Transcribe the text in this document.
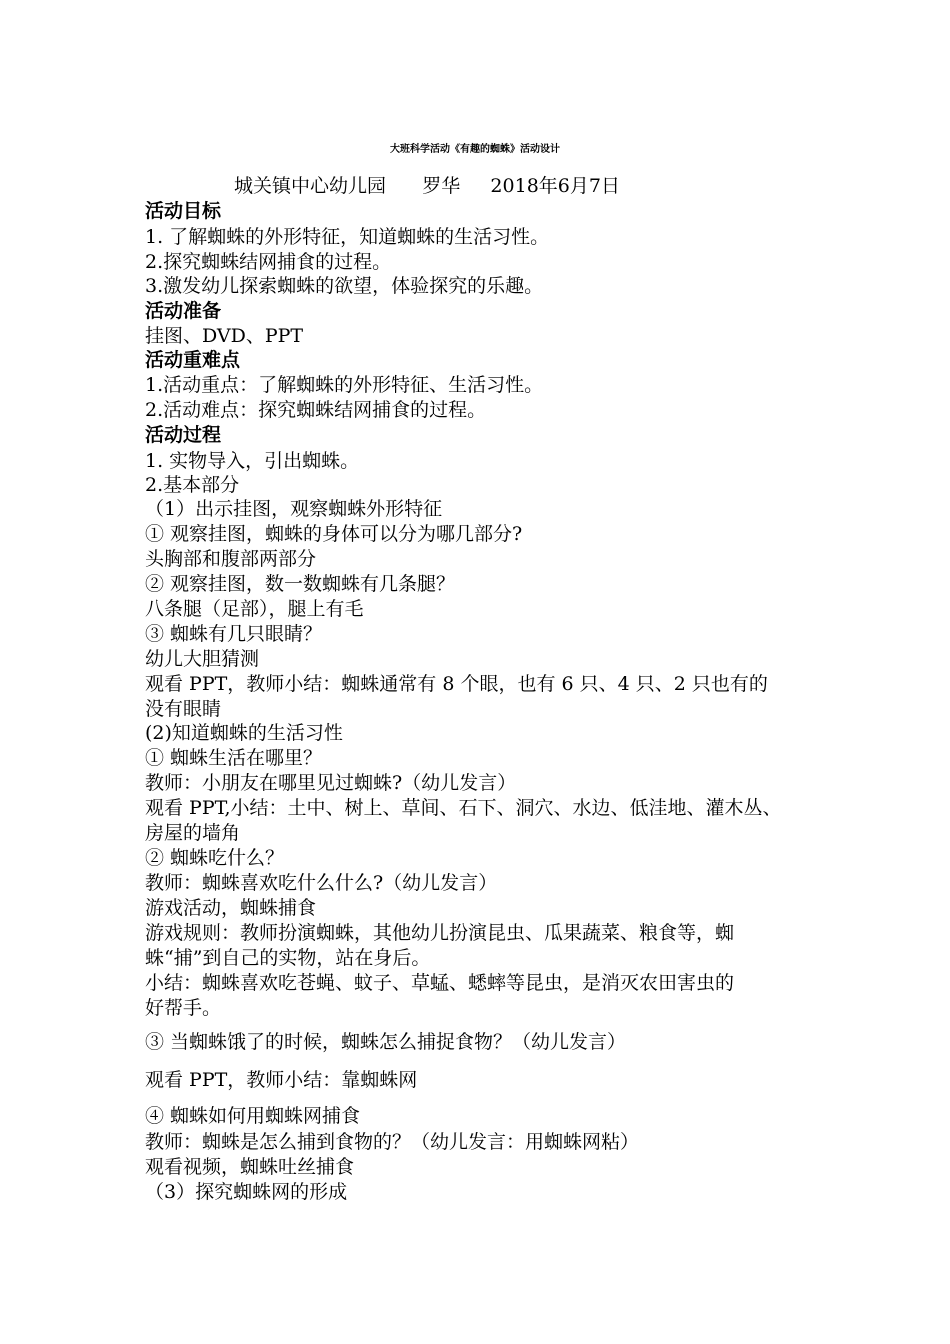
大班科学活动《有趣的蜘蛛》活动设计
城关镇中心幼儿园      罗华     2018年6月7日
活动目标
1. 了解蜘蛛的外形特征，知道蜘蛛的生活习性。
2.探究蜘蛛结网捕食的过程。
3.激发幼儿探索蜘蛛的欲望，体验探究的乐趣。
活动准备
挂图、DVD、PPT
活动重难点
1.活动重点：了解蜘蛛的外形特征、生活习性。
2.活动难点：探究蜘蛛结网捕食的过程。
活动过程
1. 实物导入，引出蜘蛛。
2.基本部分
（1）出示挂图，观察蜘蛛外形特征
① 观察挂图，蜘蛛的身体可以分为哪几部分?
头胸部和腹部两部分
② 观察挂图，数一数蜘蛛有几条腿？
八条腿（足部），腿上有毛
③ 蜘蛛有几只眼睛？
幼儿大胆猜测
观看 PPT，教师小结：蜘蛛通常有 8 个眼，也有 6 只、4 只、2 只也有的
没有眼睛
(2)知道蜘蛛的生活习性
① 蜘蛛生活在哪里？
教师：小朋友在哪里见过蜘蛛?（幼儿发言）
观看 PPT,小结：土中、树上、草间、石下、洞穴、水边、低洼地、灌木丛、
房屋的墙角
② 蜘蛛吃什么？
教师：蜘蛛喜欢吃什么什么?（幼儿发言）
游戏活动，蜘蛛捕食
游戏规则：教师扮演蜘蛛，其他幼儿扮演昆虫、瓜果蔬菜、粮食等，蜘
蛛“捕”到自己的实物，站在身后。
小结：蜘蛛喜欢吃苍蝇、蚊子、草蜢、蟋蟀等昆虫，是消灭农田害虫的
好帮手。
③ 当蜘蛛饿了的时候，蜘蛛怎么捕捉食物？（幼儿发言）
观看 PPT，教师小结：靠蜘蛛网
④ 蜘蛛如何用蜘蛛网捕食
教师：蜘蛛是怎么捕到食物的？（幼儿发言：用蜘蛛网粘）
观看视频，蜘蛛吐丝捕食
（3）探究蜘蛛网的形成
